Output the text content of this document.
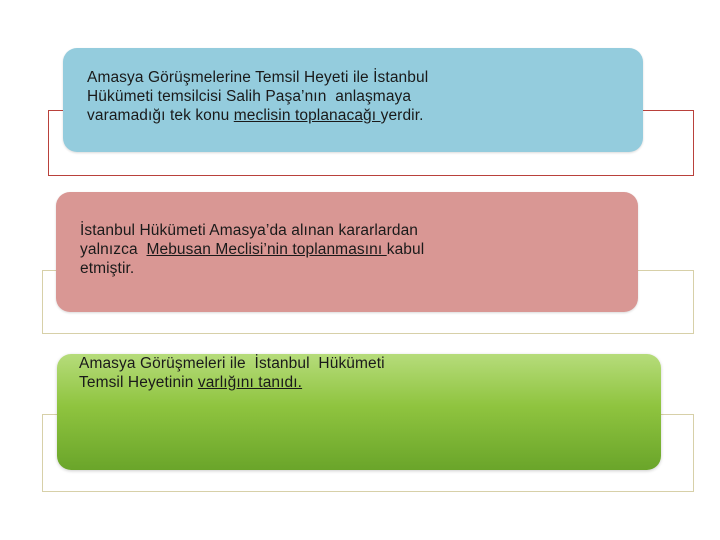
Amasya Görüşmelerine Temsil Heyeti ile İstanbul
Hükümeti temsilcisi Salih Paşa’nın  anlaşmaya
varamadığı tek konu meclisin toplanacağı yerdir.
İstanbul Hükümeti Amasya’da alınan kararlardan
yalnızca  Mebusan Meclisi’nin toplanmasını kabul
etmiştir.
Amasya Görüşmeleri ile  İstanbul  Hükümeti
Temsil Heyetinin varlığını tanıdı.
